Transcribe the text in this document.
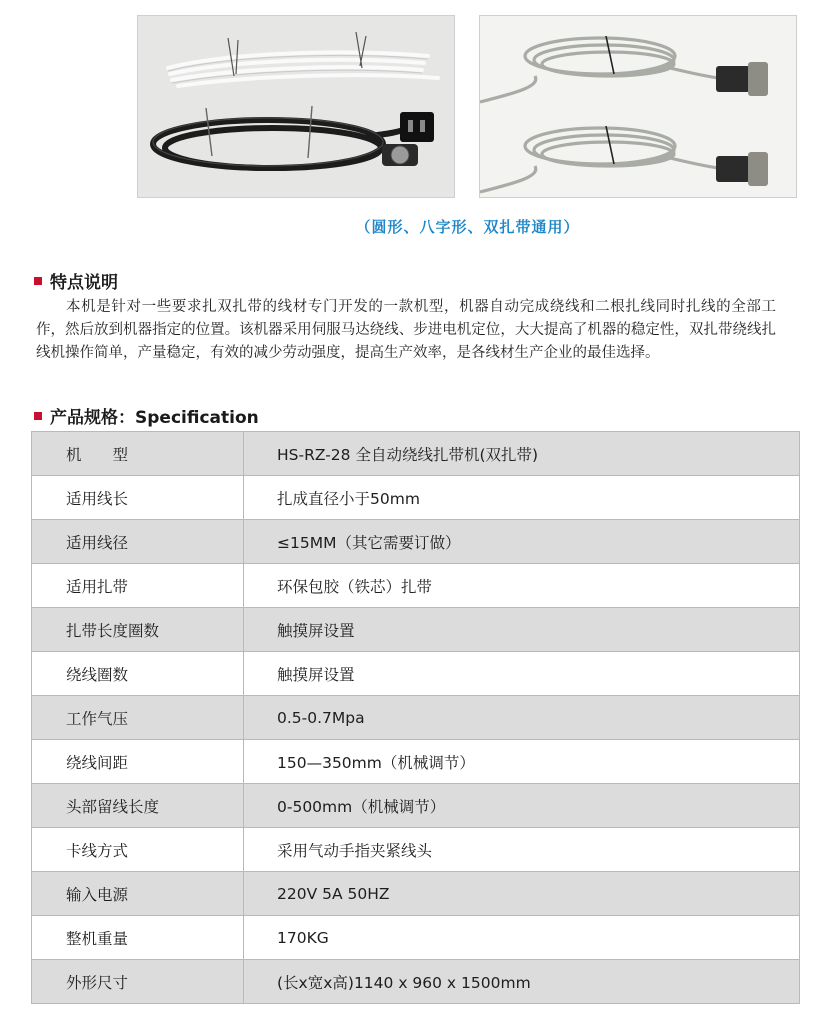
（圆形、八字形、双扎带通用）
特点说明
本机是针对一些要求扎双扎带的线材专门开发的一款机型，机器自动完成绕线和二根扎线同时扎线的全部工作，然后放到机器指定的位置。该机器采用伺服马达绕线、步进电机定位，大大提高了机器的稳定性，双扎带绕线扎线机操作简单，产量稳定，有效的减少劳动强度，提高生产效率，是各线材生产企业的最佳选择。
产品规格：Specification
机　　型	HS-RZ-28 全自动绕线扎带机(双扎带)
适用线长	扎成直径小于50mm
适用线径	≤15MM（其它需要订做）
适用扎带	环保包胶（铁芯）扎带
扎带长度圈数	触摸屏设置
绕线圈数	触摸屏设置
工作气压	0.5-0.7Mpa
绕线间距	150—350mm（机械调节）
头部留线长度	0-500mm（机械调节）
卡线方式	采用气动手指夹紧线头
输入电源	220V 5A 50HZ
整机重量	170KG
外形尺寸	(长x宽x高)1140 x 960 x 1500mm
